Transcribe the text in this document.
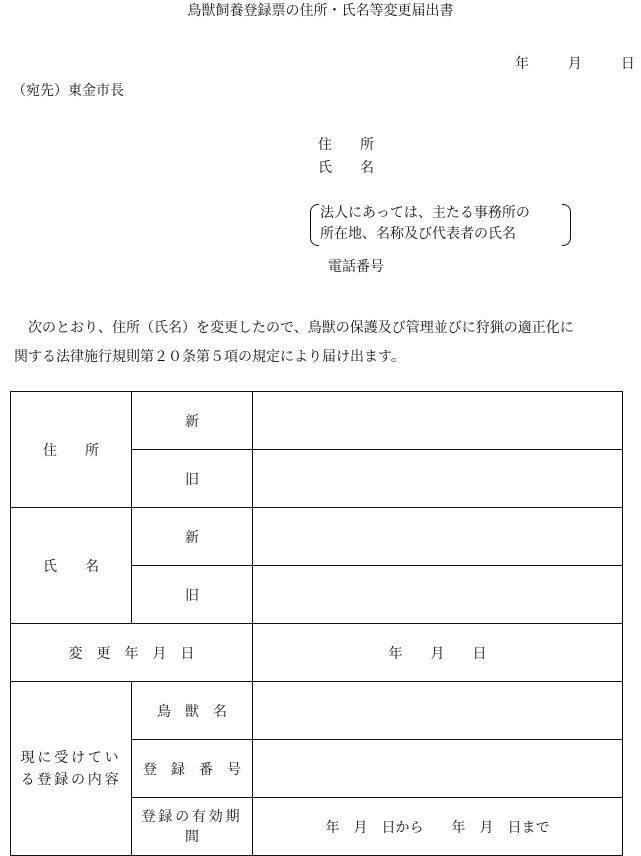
鳥獣飼養登録票の住所・氏名等変更届出書
年	月	日
（宛先）東金市長
住　　所
氏　　名
法人にあっては、主たる事務所の
所在地、名称及び代表者の氏名
電話番号
次のとおり、住所（氏名）を変更したので、鳥獣の保護及び管理並びに狩猟の適正化に
関する法律施行規則第２０条第５項の規定により届け出ます。
住　　所	新	
	旧	
氏　　名	新	
	旧	
変　更　年　月　日		年　　月　　日

現に受けてい
る登録の内容	鳥　獣　名	
	登　録　番　号	

	登録の有効期
間	年　月　日から　　年　月　日まで
